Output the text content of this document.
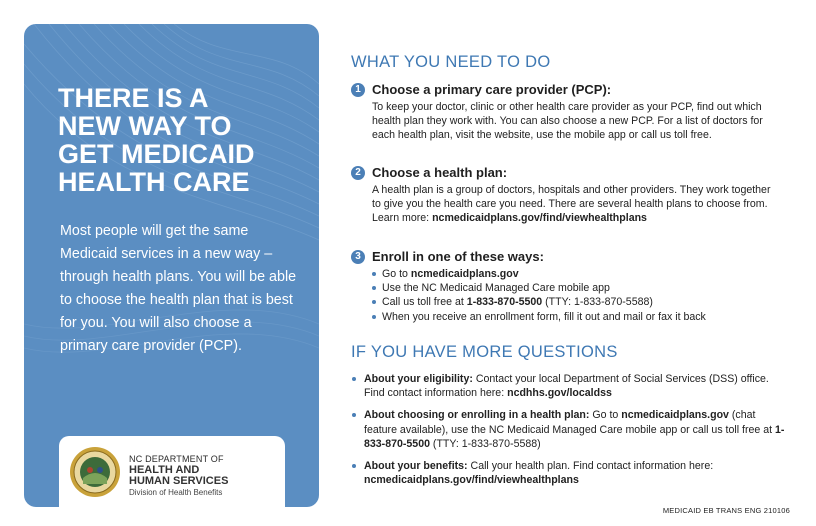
THERE IS A
NEW WAY TO
GET MEDICAID
HEALTH CARE

Most people will get the same Medicaid services in a new way – through health plans. You will be able to choose the health plan that is best for you. You will also choose a primary care provider (PCP).

NC DEPARTMENT OF
HEALTH AND
HUMAN SERVICES
Division of Health Benefits
WHAT YOU NEED TO DO
1 Choose a primary care provider (PCP):

To keep your doctor, clinic or other health care provider as your PCP, find out which health plan they work with. You can also choose a new PCP. For a list of doctors for each health plan, visit the website, use the mobile app or call us toll free.

2 Choose a health plan:

A health plan is a group of doctors, hospitals and other providers. They work together to give you the health care you need. There are several health plans to choose from. Learn more: ncmedicaidplans.gov/find/viewhealthplans

3 Enroll in one of these ways:
Go to ncmedicaidplans.gov
Use the NC Medicaid Managed Care mobile app
Call us toll free at 1-833-870-5500 (TTY: 1-833-870-5588)
When you receive an enrollment form, fill it out and mail or fax it back
IF YOU HAVE MORE QUESTIONS
About your eligibility: Contact your local Department of Social Services (DSS) office. Find contact information here: ncdhhs.gov/localdss
About choosing or enrolling in a health plan: Go to ncmedicaidplans.gov (chat feature available), use the NC Medicaid Managed Care mobile app or call us toll free at 1-833-870-5500 (TTY: 1-833-870-5588)
About your benefits: Call your health plan. Find contact information here: ncmedicaidplans.gov/find/viewhealthplans
MEDICAID EB TRANS ENG 210106
